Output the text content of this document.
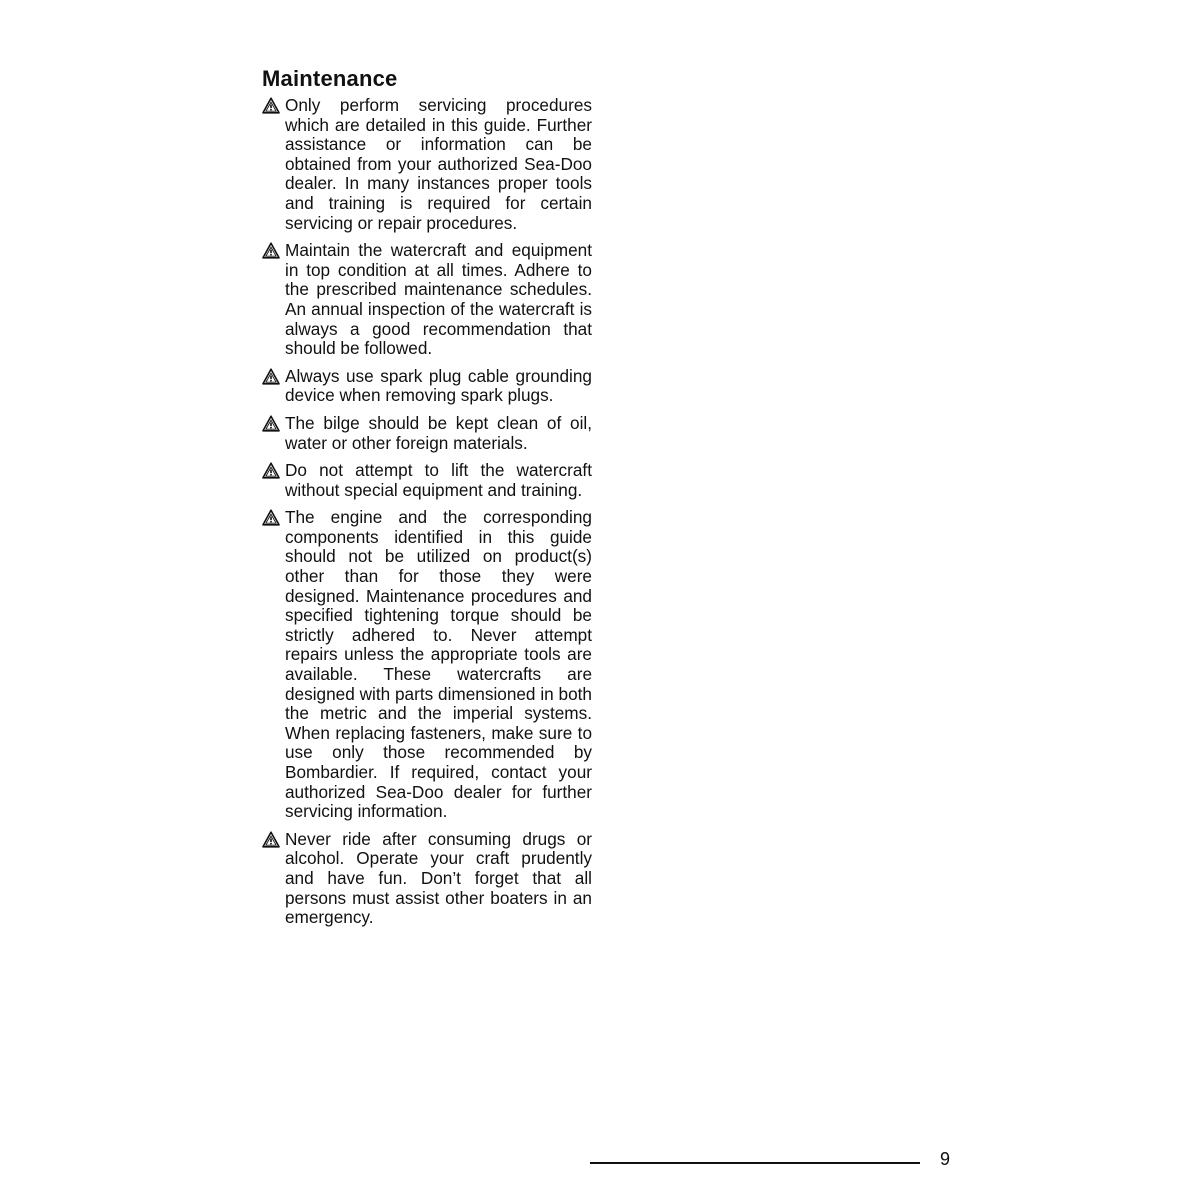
Maintenance
Only perform servicing procedures which are detailed in this guide. Further assistance or information can be obtained from your authorized Sea-Doo dealer. In many instances proper tools and training is required for certain servicing or repair procedures.
Maintain the watercraft and equipment in top condition at all times. Adhere to the prescribed maintenance schedules. An annual inspection of the watercraft is always a good recommendation that should be followed.
Always use spark plug cable grounding device when removing spark plugs.
The bilge should be kept clean of oil, water or other foreign materials.
Do not attempt to lift the watercraft without special equipment and training.
The engine and the corresponding components identified in this guide should not be utilized on product(s) other than for those they were designed. Maintenance procedures and specified tightening torque should be strictly adhered to. Never attempt repairs unless the appropriate tools are available. These watercrafts are designed with parts dimensioned in both the metric and the imperial systems. When replacing fasteners, make sure to use only those recommended by Bombardier. If required, contact your authorized Sea-Doo dealer for further servicing information.
Never ride after consuming drugs or alcohol. Operate your craft prudently and have fun. Don’t forget that all persons must assist other boaters in an emergency.
9
